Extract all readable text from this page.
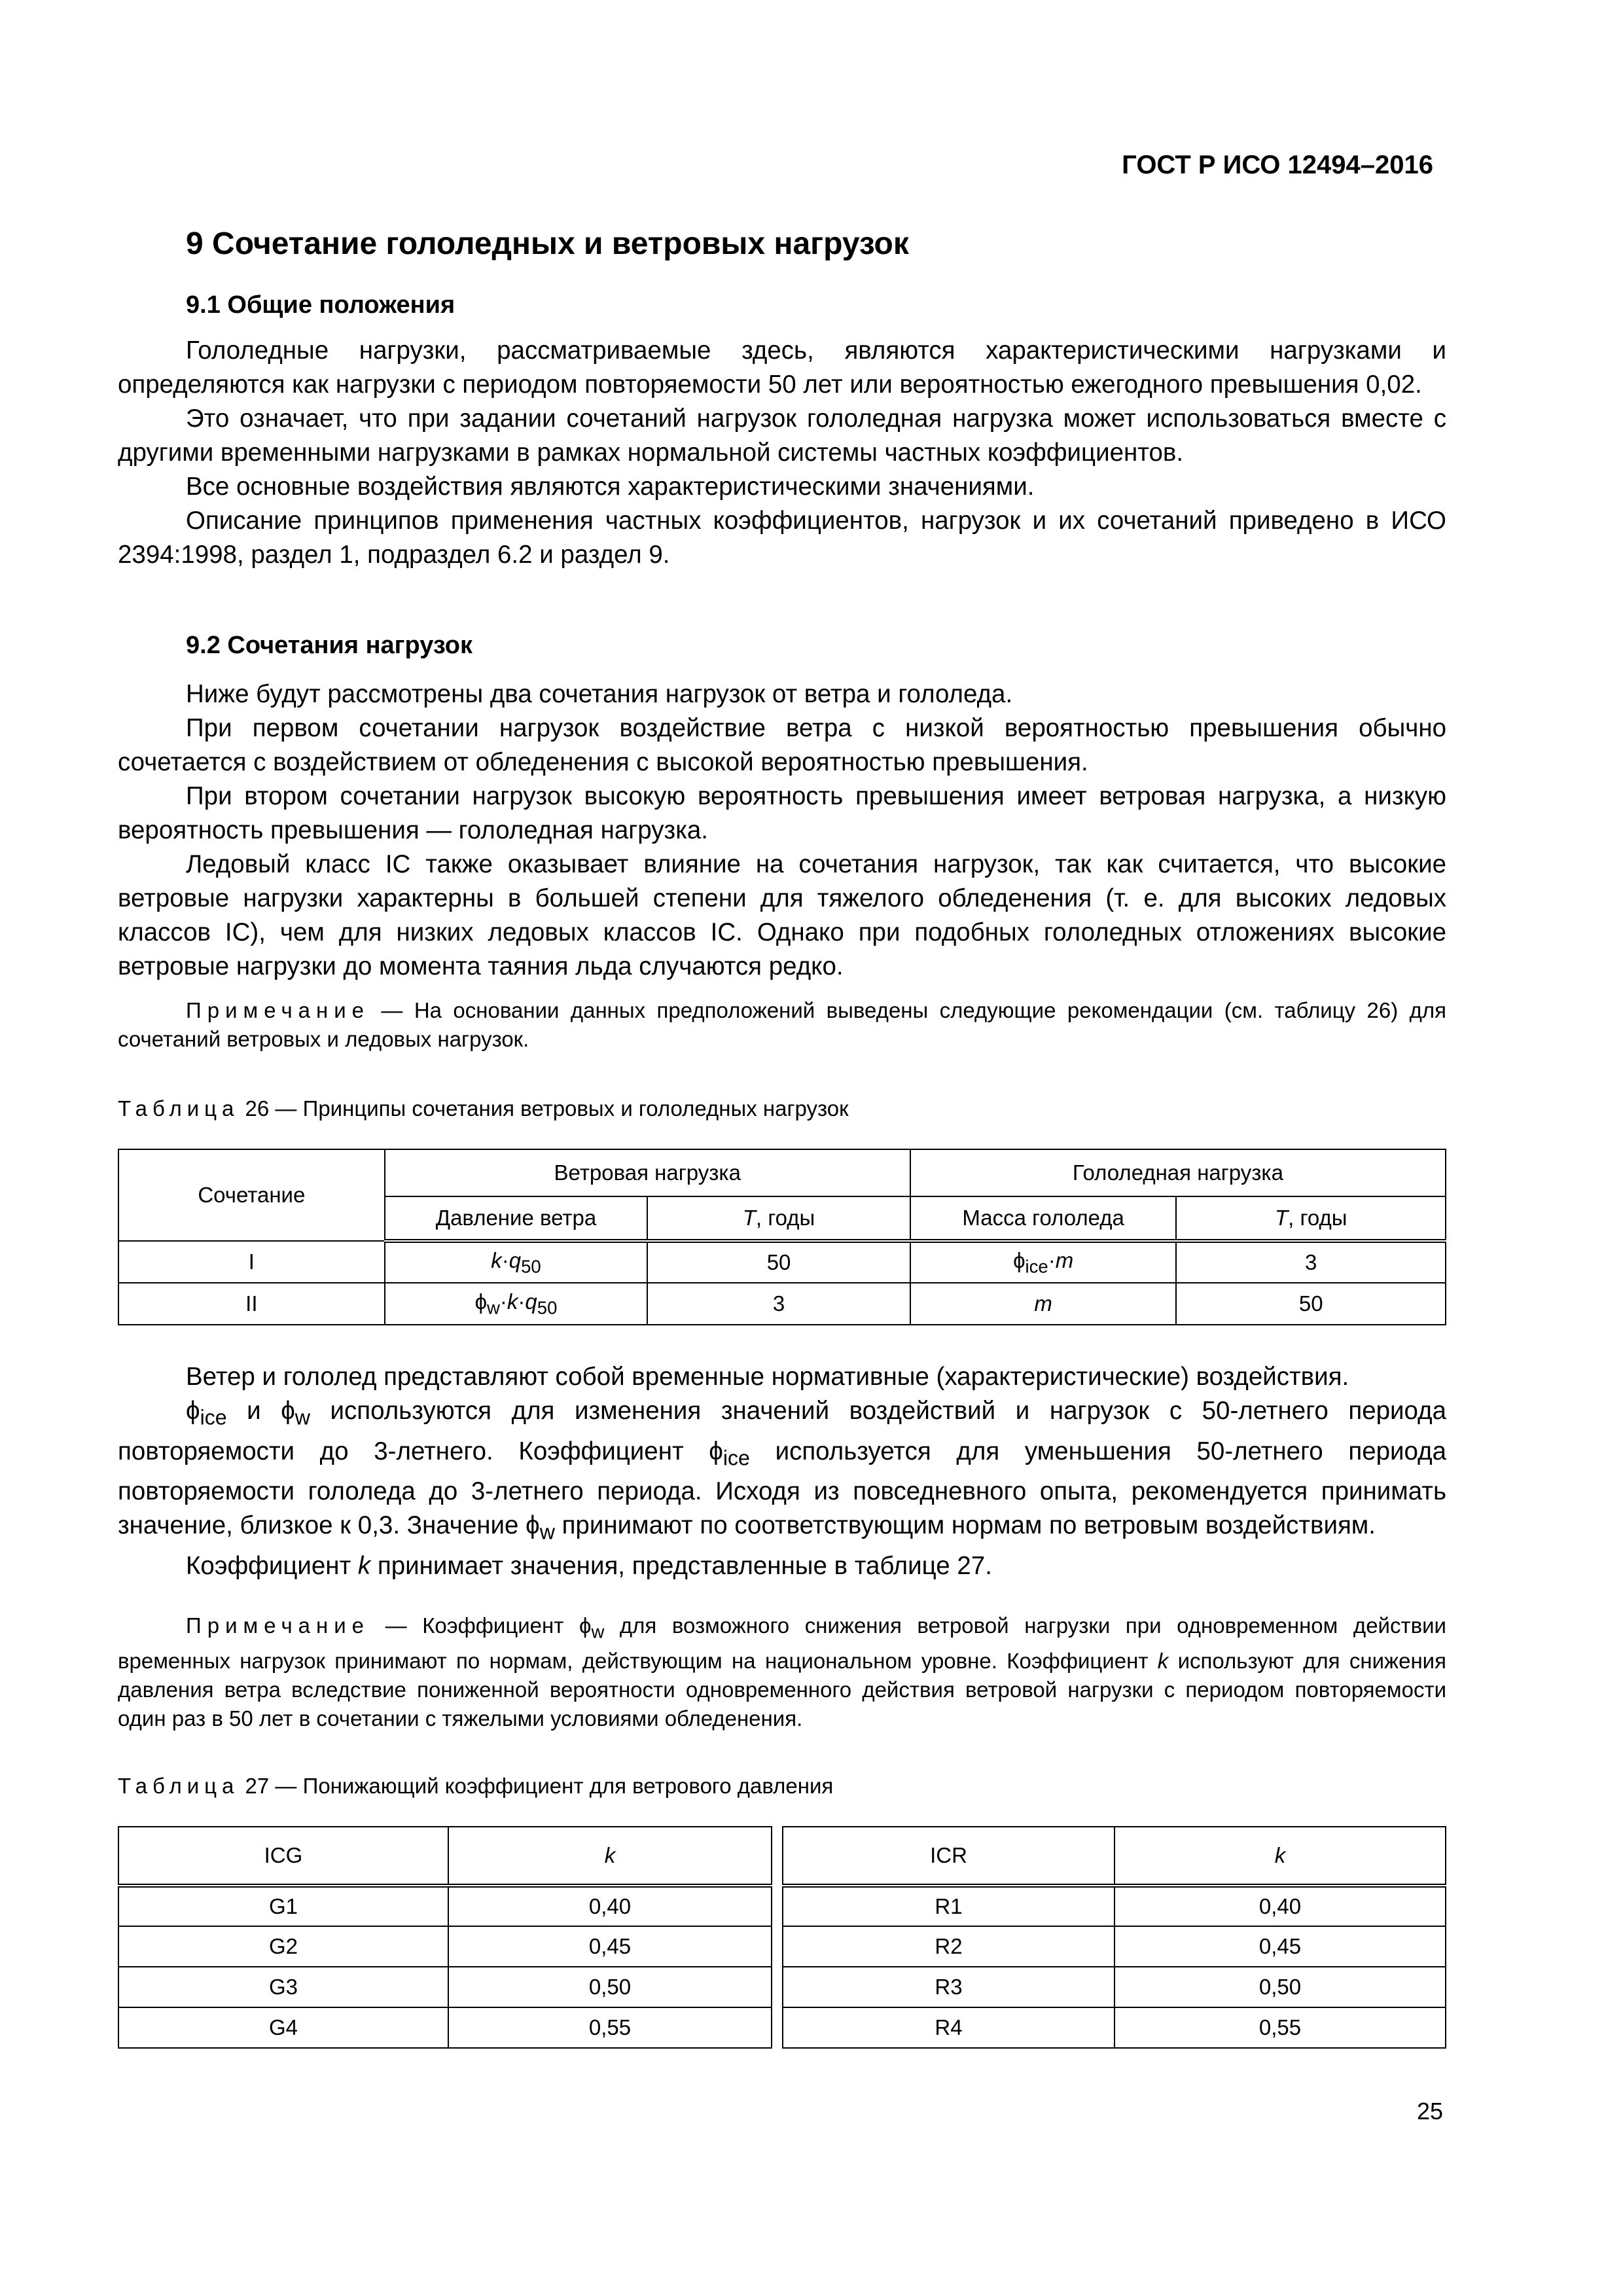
ГОСТ Р ИСО 12494–2016
9 Сочетание гололедных и ветровых нагрузок
9.1 Общие положения

Гололедные нагрузки, рассматриваемые здесь, являются характеристическими нагрузками и определяются как нагрузки с периодом повторяемости 50 лет или вероятностью ежегодного превышения 0,02.

Это означает, что при задании сочетаний нагрузок гололедная нагрузка может использоваться вместе с другими временными нагрузками в рамках нормальной системы частных коэффициентов.

Все основные воздействия являются характеристическими значениями.

Описание принципов применения частных коэффициентов, нагрузок и их сочетаний приведено в ИСО 2394:1998, раздел 1, подраздел 6.2 и раздел 9.

9.2 Сочетания нагрузок

Ниже будут рассмотрены два сочетания нагрузок от ветра и гололеда.

При первом сочетании нагрузок воздействие ветра с низкой вероятностью превышения обычно сочетается с воздействием от обледенения с высокой вероятностью превышения.

При втором сочетании нагрузок высокую вероятность превышения имеет ветровая нагрузка, а низкую вероятность превышения — гололедная нагрузка.

Ледовый класс IC также оказывает влияние на сочетания нагрузок, так как считается, что высокие ветровые нагрузки характерны в большей степени для тяжелого обледенения (т. е. для высоких ледовых классов IC), чем для низких ледовых классов IC. Однако при подобных гололедных отложениях высокие ветровые нагрузки до момента таяния льда случаются редко.

Примечание — На основании данных предположений выведены следующие рекомендации (см. таблицу 26) для сочетаний ветровых и ледовых нагрузок.

Таблица 26 — Принципы сочетания ветровых и гололедных нагрузок
Сочетание	Ветровая нагрузка		Гололедная нагрузка	
	Давление ветра	T, годы	Масса гололеда	T, годы
I	$k\cdot q_{50}$	50	$\phi_{ice}\cdot m$	3
II	$\phi_w\cdot k\cdot q_{50}$	3	m	50

Ветер и гололед представляют собой временные нормативные (характеристические) воздействия.

$\phi_{ice}$ и $\phi_w$ используются для изменения значений воздействий и нагрузок с 50-летнего периода повторяемости до 3-летнего. Коэффициент $\phi_{ice}$ используется для уменьшения 50-летнего периода повторяемости гололеда до 3-летнего периода. Исходя из повседневного опыта, рекомендуется принимать значение, близкое к 0,3. Значение $\phi_w$ принимают по соответствующим нормам по ветровым воздействиям.

Коэффициент k принимает значения, представленные в таблице 27.

Примечание — Коэффициент $\phi_w$ для возможного снижения ветровой нагрузки при одновременном действии временных нагрузок принимают по нормам, действующим на национальном уровне. Коэффициент k используют для снижения давления ветра вследствие пониженной вероятности одновременного действия ветровой нагрузки с периодом повторяемости один раз в 50 лет в сочетании с тяжелыми условиями обледенения.

Таблица 27 — Понижающий коэффициент для ветрового давления
ICG	k
G1	0,40
G2	0,45
G3	0,50
G4	0,55
ICR	k
R1	0,40
R2	0,45
R3	0,50
R4	0,55
25
